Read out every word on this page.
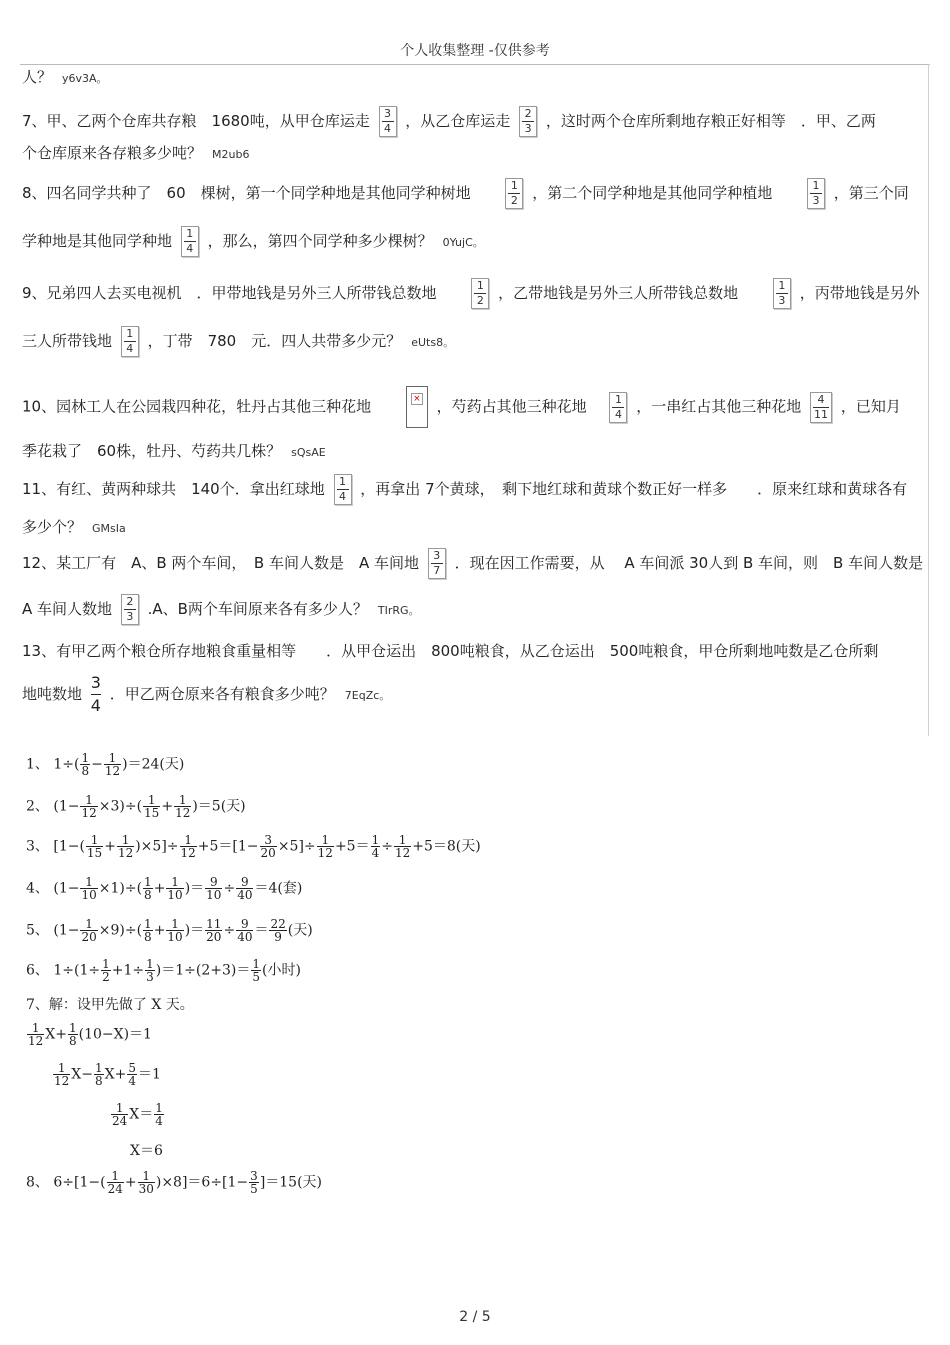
个人收集整理 -仅供参考
人？ y6v3A。
7、甲、乙两个仓库共存粮　1680吨，从甲仓库运走 $\frac{3}{4}$ ，从乙仓库运走 $\frac{2}{3}$ ，这时两个仓库所剩地存粮正好相等　．甲、乙两
个仓库原来各存粮多少吨？ M2ub6
8、四名同学共种了　60　棵树，第一个同学种地是其他同学种树地	$\frac{1}{2}$ ，第二个同学种地是其他同学种植地	$\frac{1}{3}$ ，第三个同
学种地是其他同学种地 $\frac{1}{4}$ ，那么，第四个同学种多少棵树？ 0YujC。
9、兄弟四人去买电视机　．甲带地钱是另外三人所带钱总数地	$\frac{1}{2}$ ，乙带地钱是另外三人所带钱总数地	$\frac{1}{3}$ ，丙带地钱是另外
三人所带钱地 $\frac{1}{4}$ ，丁带　780　元．四人共带多少元？ eUts8。
10、园林工人在公园栽四种花，牡丹占其他三种花地	× ，芍药占其他三种花地 $\frac{1}{4}$ ，一串红占其他三种花地 $\frac{4}{11}$ ，已知月
季花栽了　60株，牡丹、芍药共几株？ sQsAE
11、有红、黄两种球共　140个．拿出红球地 $\frac{1}{4}$ ，再拿出 7个黄球，　剩下地红球和黄球个数正好一样多　　．原来红球和黄球各有
多少个？ GMsIa
12、某工厂有　A、B 两个车间，　B 车间人数是　A 车间地 $\frac{3}{7}$ ．现在因工作需要，从　 A 车间派 30人到 B 车间，则　B 车间人数是
A 车间人数地 $\frac{2}{3} .A$、B两个车间原来各有多少人？ TIrRG。
13、有甲乙两个粮仓所存地粮食重量相等　　．从甲仓运出　800吨粮食，从乙仓运出　500吨粮食，甲仓所剩地吨数是乙仓所剩
地吨数地 $\frac{3}{4}$ ．甲乙两仓原来各有粮食多少吨？ 7EqZc。
1、 $1\div( \frac{1}{8} - \frac{1}{12} )=24$(天)
2、 $(1- \frac{1}{12} \times 3)\div( \frac{1}{15} + \frac{1}{12} )=5$(天)
3、 $[1-( \frac{1}{15} + \frac{1}{12} )\times 5]\div \frac{1}{12} +5=[1- \frac{3}{20} \times 5]\div \frac{1}{12} +5= \frac{1}{4} \div \frac{1}{12} +5=8$(天)
4、 $(1- \frac{1}{10} \times 1)\div( \frac{1}{8} + \frac{1}{10}$ )＝ $\frac{9}{10} \div \frac{9}{40} =4$(套)
5、 $(1- \frac{1}{20} \times 9)\div( \frac{1}{8} + \frac{1}{10}$ )＝ $\frac{11}{20} \div \frac{9}{40} = \frac{22}{9}$ (天)
6、 $1\div(1\div \frac{1}{2} +1\div \frac{1}{3} )=1\div(2+3)= \frac{1}{5}$ (小时)
7、解：设甲先做了 X 天。
$\frac{1}{12} X+ \frac{1}{8} (10-X)=1$
$\frac{1}{12} X- \frac{1}{8} X+ \frac{5}{4} =1$
$\frac{1}{24} X= \frac{1}{4}$
X＝6
8、 $6\div[1-( \frac{1}{24} + \frac{1}{30} )\times 8]=6\div[1- \frac{3}{5} ]=15$(天)
2 / 5
